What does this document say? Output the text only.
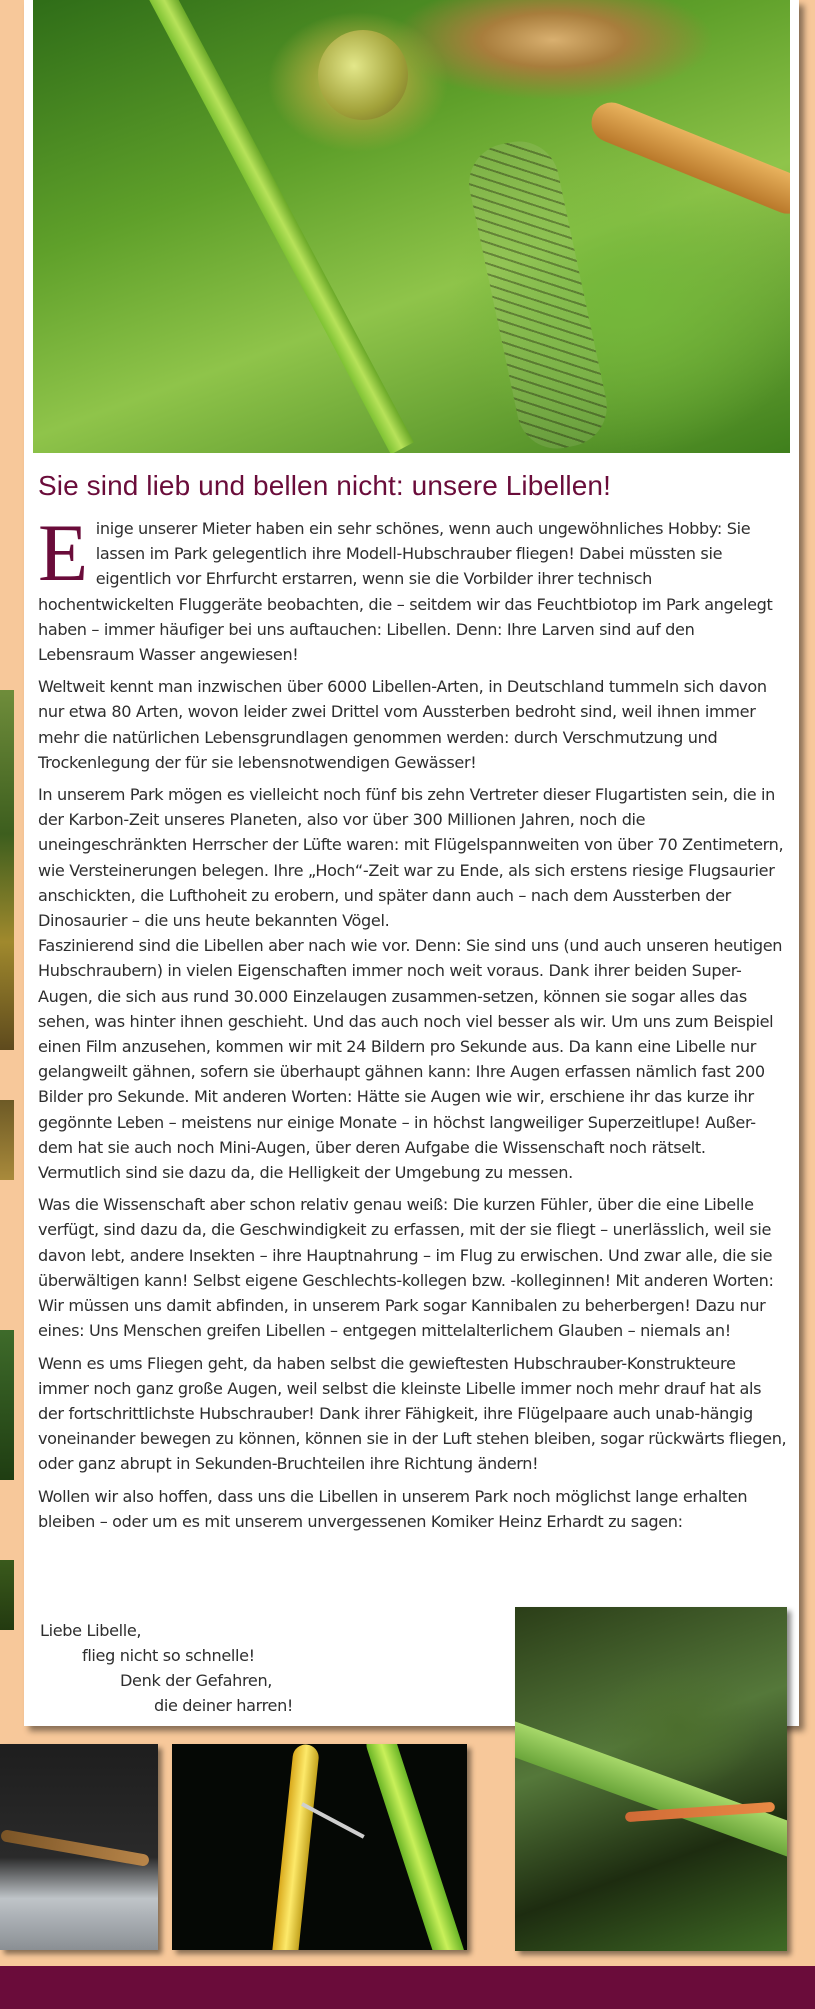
Sie sind lieb und bellen nicht: unsere Libellen!

Einige unserer Mieter haben ein sehr schönes, wenn auch ungewöhnliches Hobby: Sie lassen im Park gelegentlich ihre Modell-Hubschrauber fliegen! Dabei müssten sie eigentlich vor Ehrfurcht erstarren, wenn sie die Vorbilder ihrer technisch hochentwickelten Fluggeräte beobachten, die – seitdem wir das Feuchtbiotop im Park angelegt haben – immer häufiger bei uns auftauchen: Libellen. Denn: Ihre Larven sind auf den Lebensraum Wasser angewiesen!

Weltweit kennt man inzwischen über 6000 Libellen-Arten, in Deutschland tummeln sich davon nur etwa 80 Arten, wovon leider zwei Drittel vom Aussterben bedroht sind, weil ihnen immer mehr die natürlichen Lebensgrundlagen genommen werden: durch Verschmutzung und Trockenlegung der für sie lebensnotwendigen Gewässer!

In unserem Park mögen es vielleicht noch fünf bis zehn Vertreter dieser Flugartisten sein, die in der Karbon-Zeit unseres Planeten, also vor über 300 Millionen Jahren, noch die uneingeschränkten Herrscher der Lüfte waren: mit Flügelspannweiten von über 70 Zentimetern, wie Versteinerungen belegen. Ihre „Hoch“-Zeit war zu Ende, als sich erstens riesige Flugsaurier anschickten, die Lufthoheit zu erobern, und später dann auch – nach dem Aussterben der Dinosaurier – die uns heute bekannten Vögel.

Faszinierend sind die Libellen aber nach wie vor. Denn: Sie sind uns (und auch unseren heutigen Hubschraubern) in vielen Eigenschaften immer noch weit voraus. Dank ihrer beiden Super-Augen, die sich aus rund 30.000 Einzelaugen zusammen-setzen, können sie sogar alles das sehen, was hinter ihnen geschieht. Und das auch noch viel besser als wir. Um uns zum Beispiel einen Film anzusehen, kommen wir mit 24 Bildern pro Sekunde aus. Da kann eine Libelle nur gelangweilt gähnen, sofern sie überhaupt gähnen kann: Ihre Augen erfassen nämlich fast 200 Bilder pro Sekunde. Mit anderen Worten: Hätte sie Augen wie wir, erschiene ihr das kurze ihr gegönnte Leben – meistens nur einige Monate – in höchst langweiliger Superzeitlupe! Außer-dem hat sie auch noch Mini-Augen, über deren Aufgabe die Wissenschaft noch rätselt. Vermutlich sind sie dazu da, die Helligkeit der Umgebung zu messen.

Was die Wissenschaft aber schon relativ genau weiß: Die kurzen Fühler, über die eine Libelle verfügt, sind dazu da, die Geschwindigkeit zu erfassen, mit der sie fliegt – unerlässlich, weil sie davon lebt, andere Insekten – ihre Hauptnahrung – im Flug zu erwischen. Und zwar alle, die sie überwältigen kann! Selbst eigene Geschlechts-kollegen bzw. -kolleginnen! Mit anderen Worten: Wir müssen uns damit abfinden, in unserem Park sogar Kannibalen zu beherbergen! Dazu nur eines: Uns Menschen greifen Libellen – entgegen mittelalterlichem Glauben – niemals an!

Wenn es ums Fliegen geht, da haben selbst die gewieftesten Hubschrauber-Konstrukteure immer noch ganz große Augen, weil selbst die kleinste Libelle immer noch mehr drauf hat als der fortschrittlichste Hubschrauber! Dank ihrer Fähigkeit, ihre Flügelpaare auch unab-hängig voneinander bewegen zu können, können sie in der Luft stehen bleiben, sogar rückwärts fliegen, oder ganz abrupt in Sekunden-Bruchteilen ihre Richtung ändern!

Wollen wir also hoffen, dass uns die Libellen in unserem Park noch möglichst lange erhalten bleiben – oder um es mit unserem unvergessenen Komiker Heinz Erhardt zu sagen:

Liebe Libelle,
flieg nicht so schnelle!
Denk der Gefahren,
die deiner harren!
